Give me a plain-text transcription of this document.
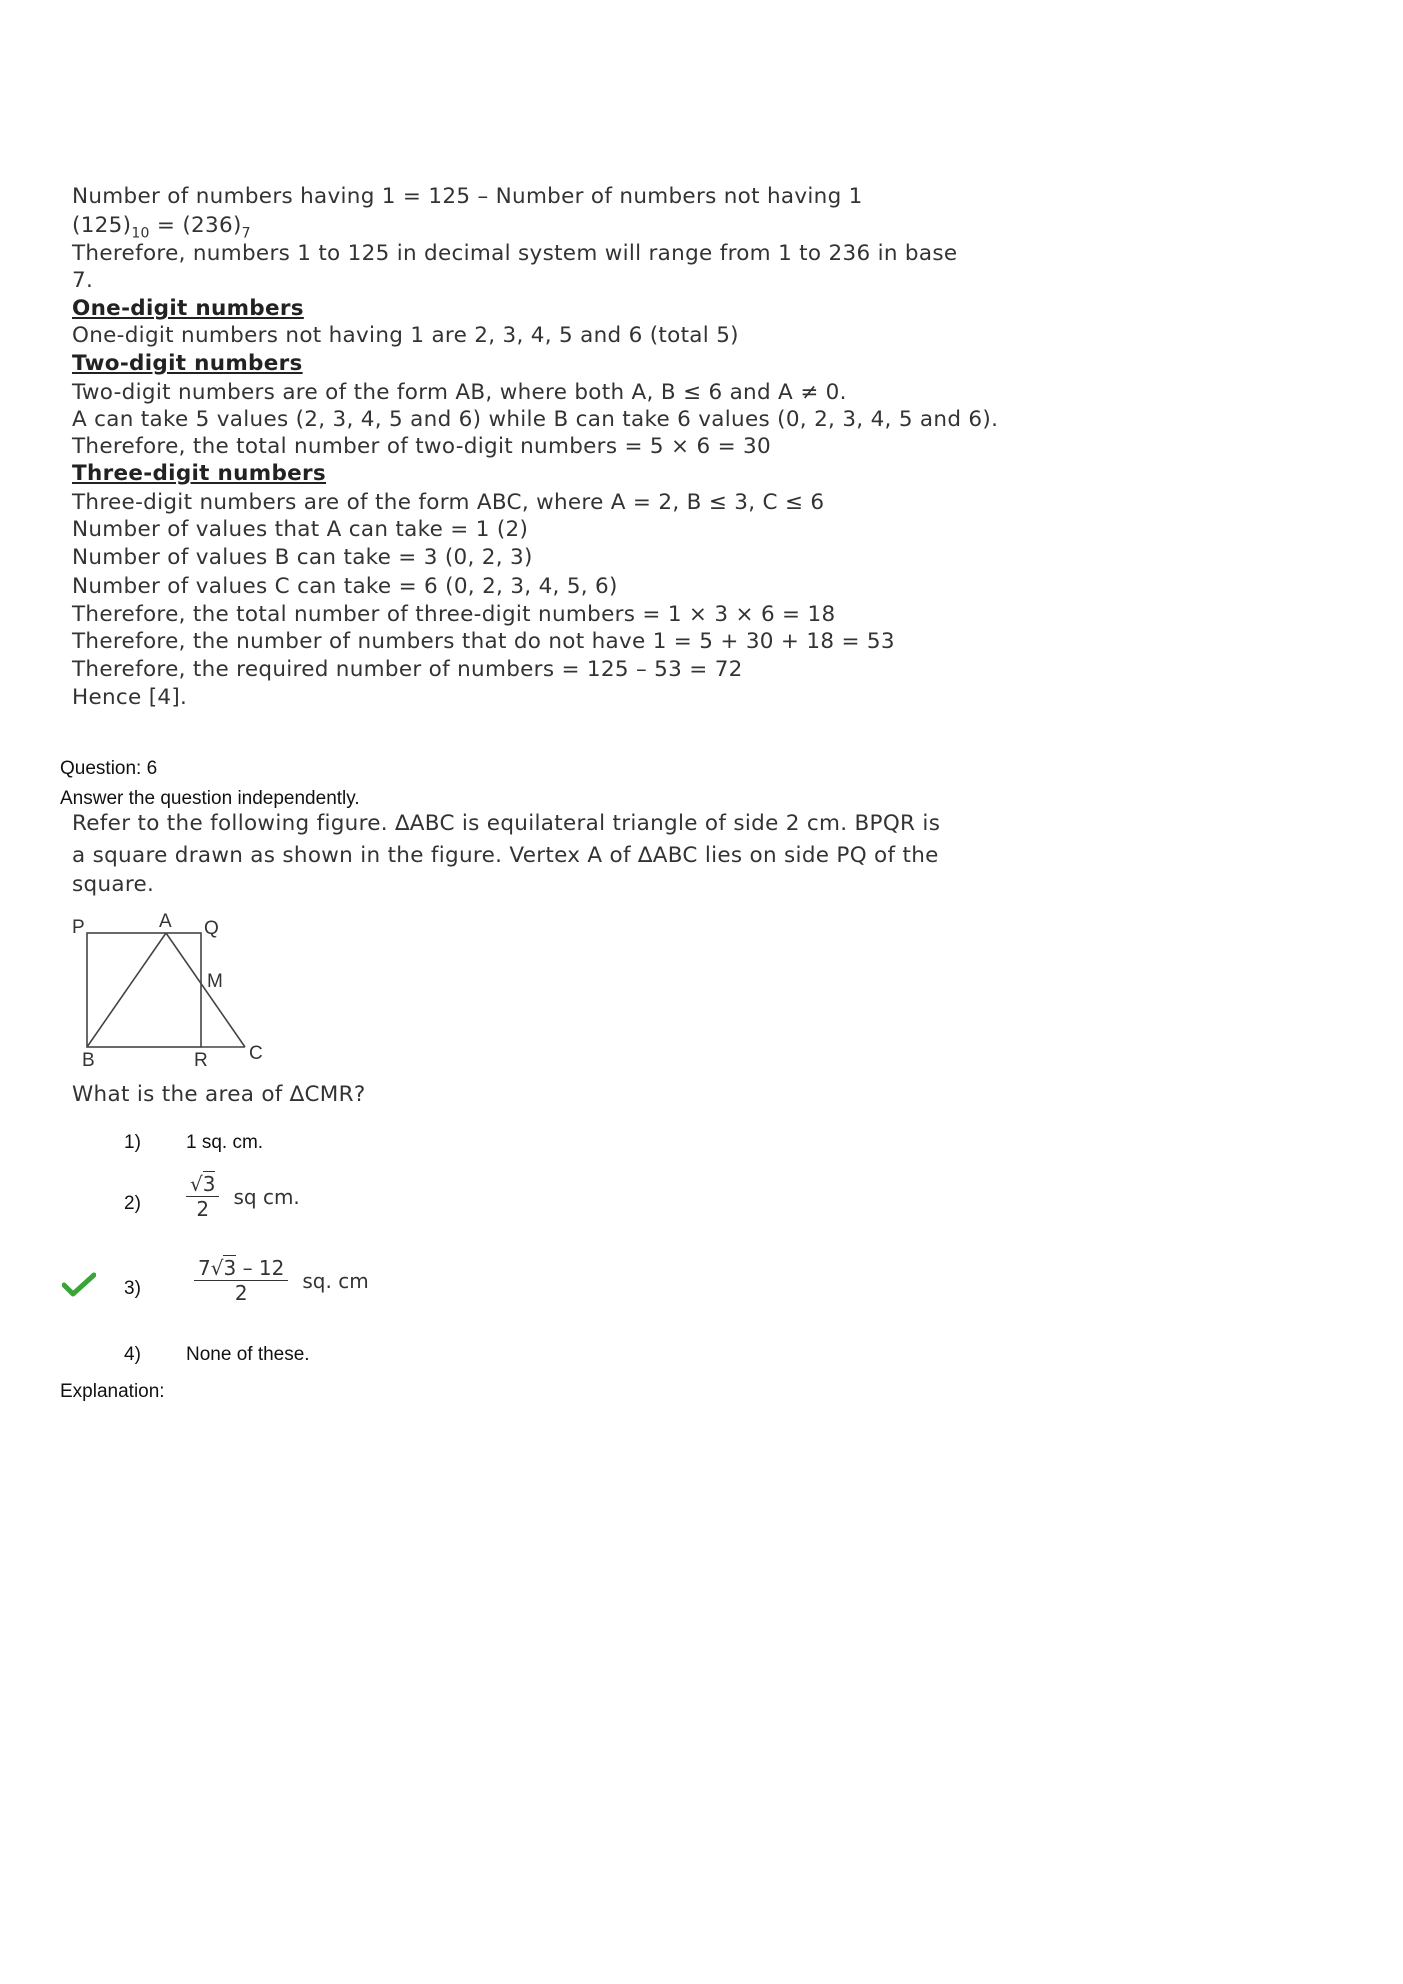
Number of numbers having 1 = 125 – Number of numbers not having 1
$(125)_{10} = (236)_7$
Therefore, numbers 1 to 125 in decimal system will range from 1 to 236 in base
7.
One-digit numbers
One-digit numbers not having 1 are 2, 3, 4, 5 and 6 (total 5)
Two-digit numbers
Two-digit numbers are of the form AB, where both A, B ≤ 6 and A ≠ 0.
A can take 5 values (2, 3, 4, 5 and 6) while B can take 6 values (0, 2, 3, 4, 5 and 6).
Therefore, the total number of two-digit numbers = 5 × 6 = 30
Three-digit numbers
Three-digit numbers are of the form ABC, where A = 2, B ≤ 3, C ≤ 6
Number of values that A can take = 1 (2)
Number of values B can take = 3 (0, 2, 3)
Number of values C can take = 6 (0, 2, 3, 4, 5, 6)
Therefore, the total number of three-digit numbers = 1 × 3 × 6 = 18
Therefore, the number of numbers that do not have 1 = 5 + 30 + 18 = 53
Therefore, the required number of numbers = 125 – 53 = 72
Hence [4].
Question: 6
Answer the question independently.
Refer to the following figure. ∆ABC is equilateral triangle of side 2 cm. BPQR is
a square drawn as shown in the figure. Vertex A of ∆ABC lies on side PQ of the
square.
P	A Q
M
B	R C
What is the area of ∆CMR?
1) 1 sq. cm.
$2) \frac{√3}{2}$ sq cm.
3)	$\frac{7√3 - 12}{2}$ sq. cm
4) None of these.
Explanation:
